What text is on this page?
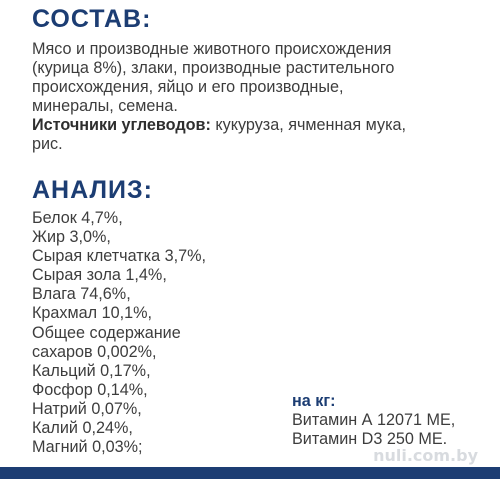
СОСТАВ:
Мясо и производные животного происхождения
(курица 8%), злаки, производные растительного
происхождения, яйцо и его производные,
минералы, семена.
Источники углеводов: кукуруза, ячменная мука,
рис.
АНАЛИЗ:
Белок 4,7%,
Жир 3,0%,
Сырая клетчатка 3,7%,
Сырая зола 1,4%,
Влага 74,6%,
Крахмал 10,1%,
Общее содержание
сахаров 0,002%,
Кальций 0,17%,
Фосфор 0,14%,
Натрий 0,07%,
Калий 0,24%,
Магний 0,03%;
на кг:
Витамин А 12071 МЕ,
Витамин D3 250 МЕ.
nuli.com.by
